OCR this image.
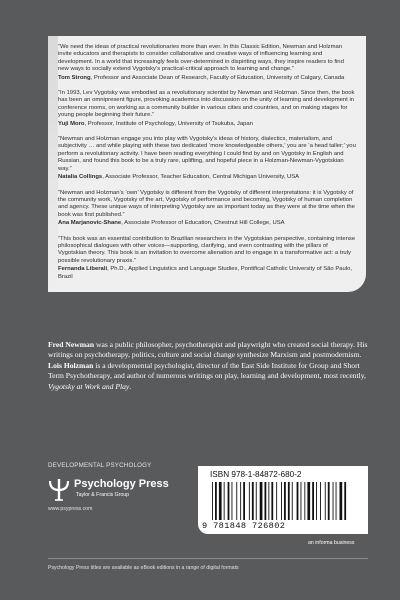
“We need the ideas of practical revolutionaries more than ever. In this Classic Edition, Newman and Holzman invite educators and therapists to consider collaborative and creative ways of influencing learning and development. In a world that increasingly feels over-determined in dispiriting ways, they inspire readers to find new ways to socially extend Vygotsky’s practical-critical approach to learning and change.”

Tom Strong, Professor and Associate Dean of Research, Faculty of Education, University of Calgary, Canada

“In 1993, Lev Vygotsky was embodied as a revolutionary scientist by Newman and Holzman. Since then, the book has been an omnipresent figure, provoking academics into discussion on the unity of learning and development in conference rooms, on working as a community builder in various cities and countries, and on making stages for young people beginning their future.”

Yuji Moro, Professor, Institute of Psychology, University of Tsukuba, Japan

“Newman and Holzman engage you into play with Vygotsky’s ideas of history, dialectics, materialism, and subjectivity … and while playing with these two dedicated ‘more knowledgeable others,’ you are ‘a head taller;’ you perform a revolutionary activity. I have been reading everything I could find by and on Vygotsky in English and Russian, and found this book to be a truly rare, uplifting, and hopeful piece in a Holzman-Newman-Vygotskian way.”

Natalia Collings, Associate Professor, Teacher Education, Central Michigan University, USA

“Newman and Holzman’s ‘own’ Vygotsky is different from the Vygotsky of different interpretations: it is Vygotsky of the community work, Vygotsky of the art, Vygotsky of performance and becoming, Vygotsky of human completion and agency. These unique ways of interpreting Vygotsky are as important today as they were at the time when the book was first published.”

Ana Marjanovic-Shane, Associate Professor of Education, Chestnut Hill College, USA

“This book was an essential contribution to Brazilian researchers in the Vygotskian perspective, containing intense philosophical dialogues with other voices—supporting, clarifying, and even contrasting with the pillars of Vygotskian theory. This book is an invitation to overcome alienation and to engage in a transformative act: a truly possible revolutionary praxis.”

Fernanda Liberali, Ph.D., Applied Linguistics and Language Studies, Pontifical Catholic University of São Paulo, Brazil

Fred Newman was a public philosopher, psychotherapist and playwright who created social therapy. His writings on psychotherapy, politics, culture and social change synthesize Marxism and postmodernism. Lois Holzman is a developmental psychologist, director of the East Side Institute for Group and Short Term Psychotherapy, and author of numerous writings on play, learning and development, most recently, Vygotsky at Work and Play.
DEVELOPMENTAL PSYCHOLOGY
Psychology Press
Taylor & Francis Group
www.psypress.com
ISBN 978-1-84872-680-2
9 781848 726802
an informa business
Psychology Press titles are available as eBook editions in a range of digital formats
